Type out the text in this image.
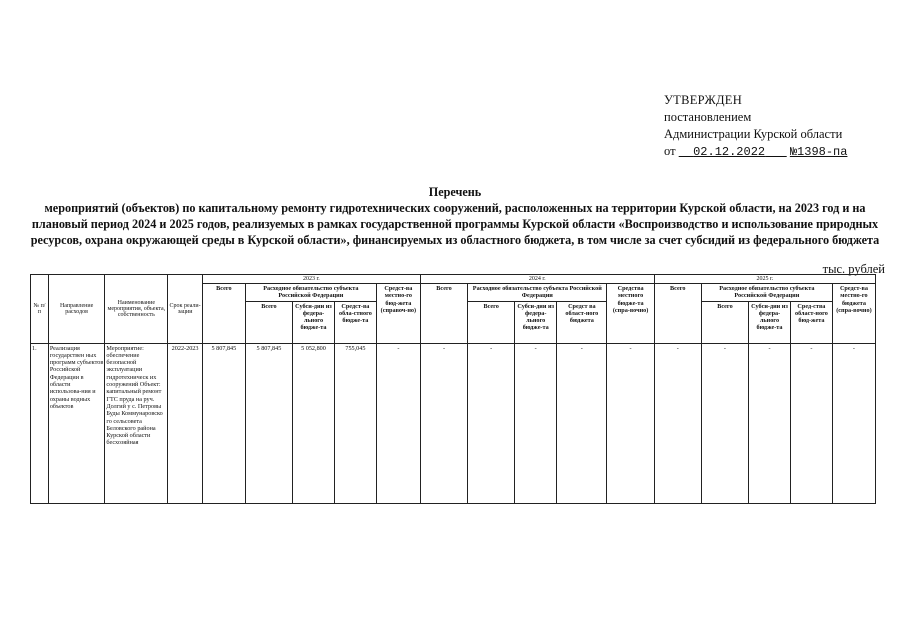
УТВЕРЖДЕН
постановлением
Администрации Курской области
от 02.12.2022 №1398-па
Перечень
мероприятий (объектов) по капитальному ремонту гидротехнических сооружений, расположенных на территории Курской области, на 2023 год и на плановый период 2024 и 2025 годов, реализуемых в рамках государственной программы Курской области «Воспроизводство и использование природных ресурсов, охрана окружающей среды в Курской области», финансируемых из областного бюджета, в том числе за счет субсидий из федерального бюджета
тыс. рублей
№ п/п	Направление расходов	Наименование мероприятия, объекта, собственность	Срок реали-зации	2023 г.					2024 г.					2025 г.				
				Всего	Расходное обязательство субъекта Российской Федерации			Средст-ва местно-го бюд-жета (справоч-но)	Всего	Расходное обязательство субъекта Российской Федерации			Средства местного бюдже-та (спра-вочно)	Всего	Расходное обязательство субъекта Российской Федерации			Средст-ва местно-го бюджета (спра-вочно)
					Всего	Субси-дии из федера-льного бюдже-та	Средст-ва обла-стного бюдже-та			Всего	Субси-дии из федера-льного бюдже-та	Средст ва област-ного бюджета			Всего	Субси-дии из федера-льного бюдже-та	Сред-ства област-ного бюд-жета	
1.	Реализация государствен ных программ субъектов Российской Федерации в области использова-ния и охраны водных объектов	Мероприятие: обеспечение безопасной эксплуатации гидротехническ их сооружений Объект: капитальный ремонт ГТС пруда на руч. Долгий у с. Петровы Буды Коммунаровско го сельсовета Беловского района Курской области бесхозяйная	2022-2023	5 807,845	5 807,845	5 052,800	755,045	-	-	-	-	-	-	-	-	-	-	-
